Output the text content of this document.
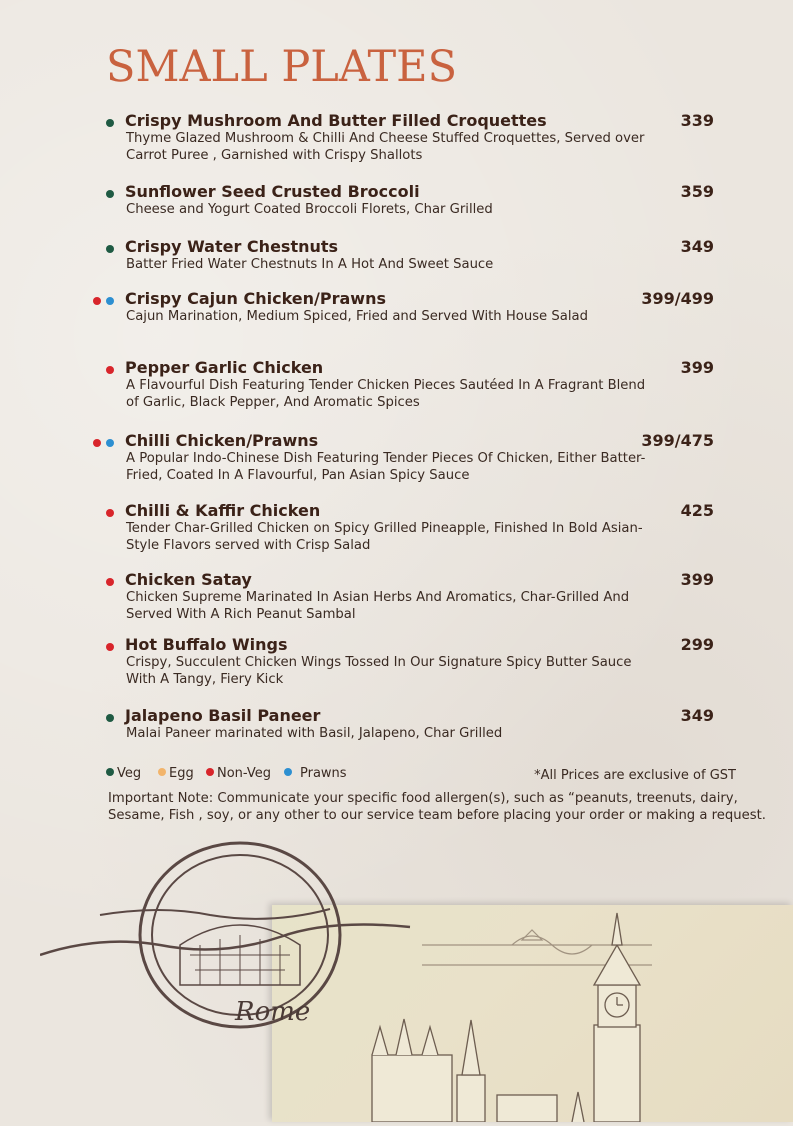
SMALL PLATES
Crispy Mushroom And Butter Filled Croquettes	339
Thyme Glazed Mushroom & Chilli And Cheese Stuffed Croquettes, Served over Carrot Puree , Garnished with Crispy Shallots
Sunflower Seed Crusted Broccoli	359
Cheese and Yogurt Coated Broccoli Florets, Char Grilled
Crispy Water Chestnuts	349
Batter Fried Water Chestnuts In A Hot And Sweet Sauce
Crispy Cajun Chicken/Prawns	399/499
Cajun Marination, Medium Spiced, Fried and Served With House Salad
Pepper Garlic Chicken	399
A Flavourful Dish Featuring Tender Chicken Pieces Sautéed In A Fragrant Blend of Garlic, Black Pepper, And Aromatic Spices
Chilli Chicken/Prawns	399/475
A Popular Indo-Chinese Dish Featuring Tender Pieces Of Chicken, Either Batter-Fried, Coated In A Flavourful, Pan Asian Spicy Sauce
Chilli & Kaffir Chicken	425
Tender Char-Grilled Chicken on Spicy Grilled Pineapple, Finished In Bold Asian-Style Flavors served with Crisp Salad
Chicken Satay	399
Chicken Supreme Marinated In Asian Herbs And Aromatics, Char-Grilled And Served With A Rich Peanut Sambal
Hot Buffalo Wings	299
Crispy, Succulent Chicken Wings Tossed In Our Signature Spicy Butter Sauce With A Tangy, Fiery Kick
Jalapeno Basil Paneer	349
Malai Paneer marinated with Basil, Jalapeno, Char Grilled
Veg	Egg	Non-Veg	Prawns	*All Prices are exclusive of GST
Important Note: Communicate your specific food allergen(s), such as “peanuts, treenuts, dairy, Sesame, Fish , soy, or any other to our service team before placing your order or making a request.
Rome
